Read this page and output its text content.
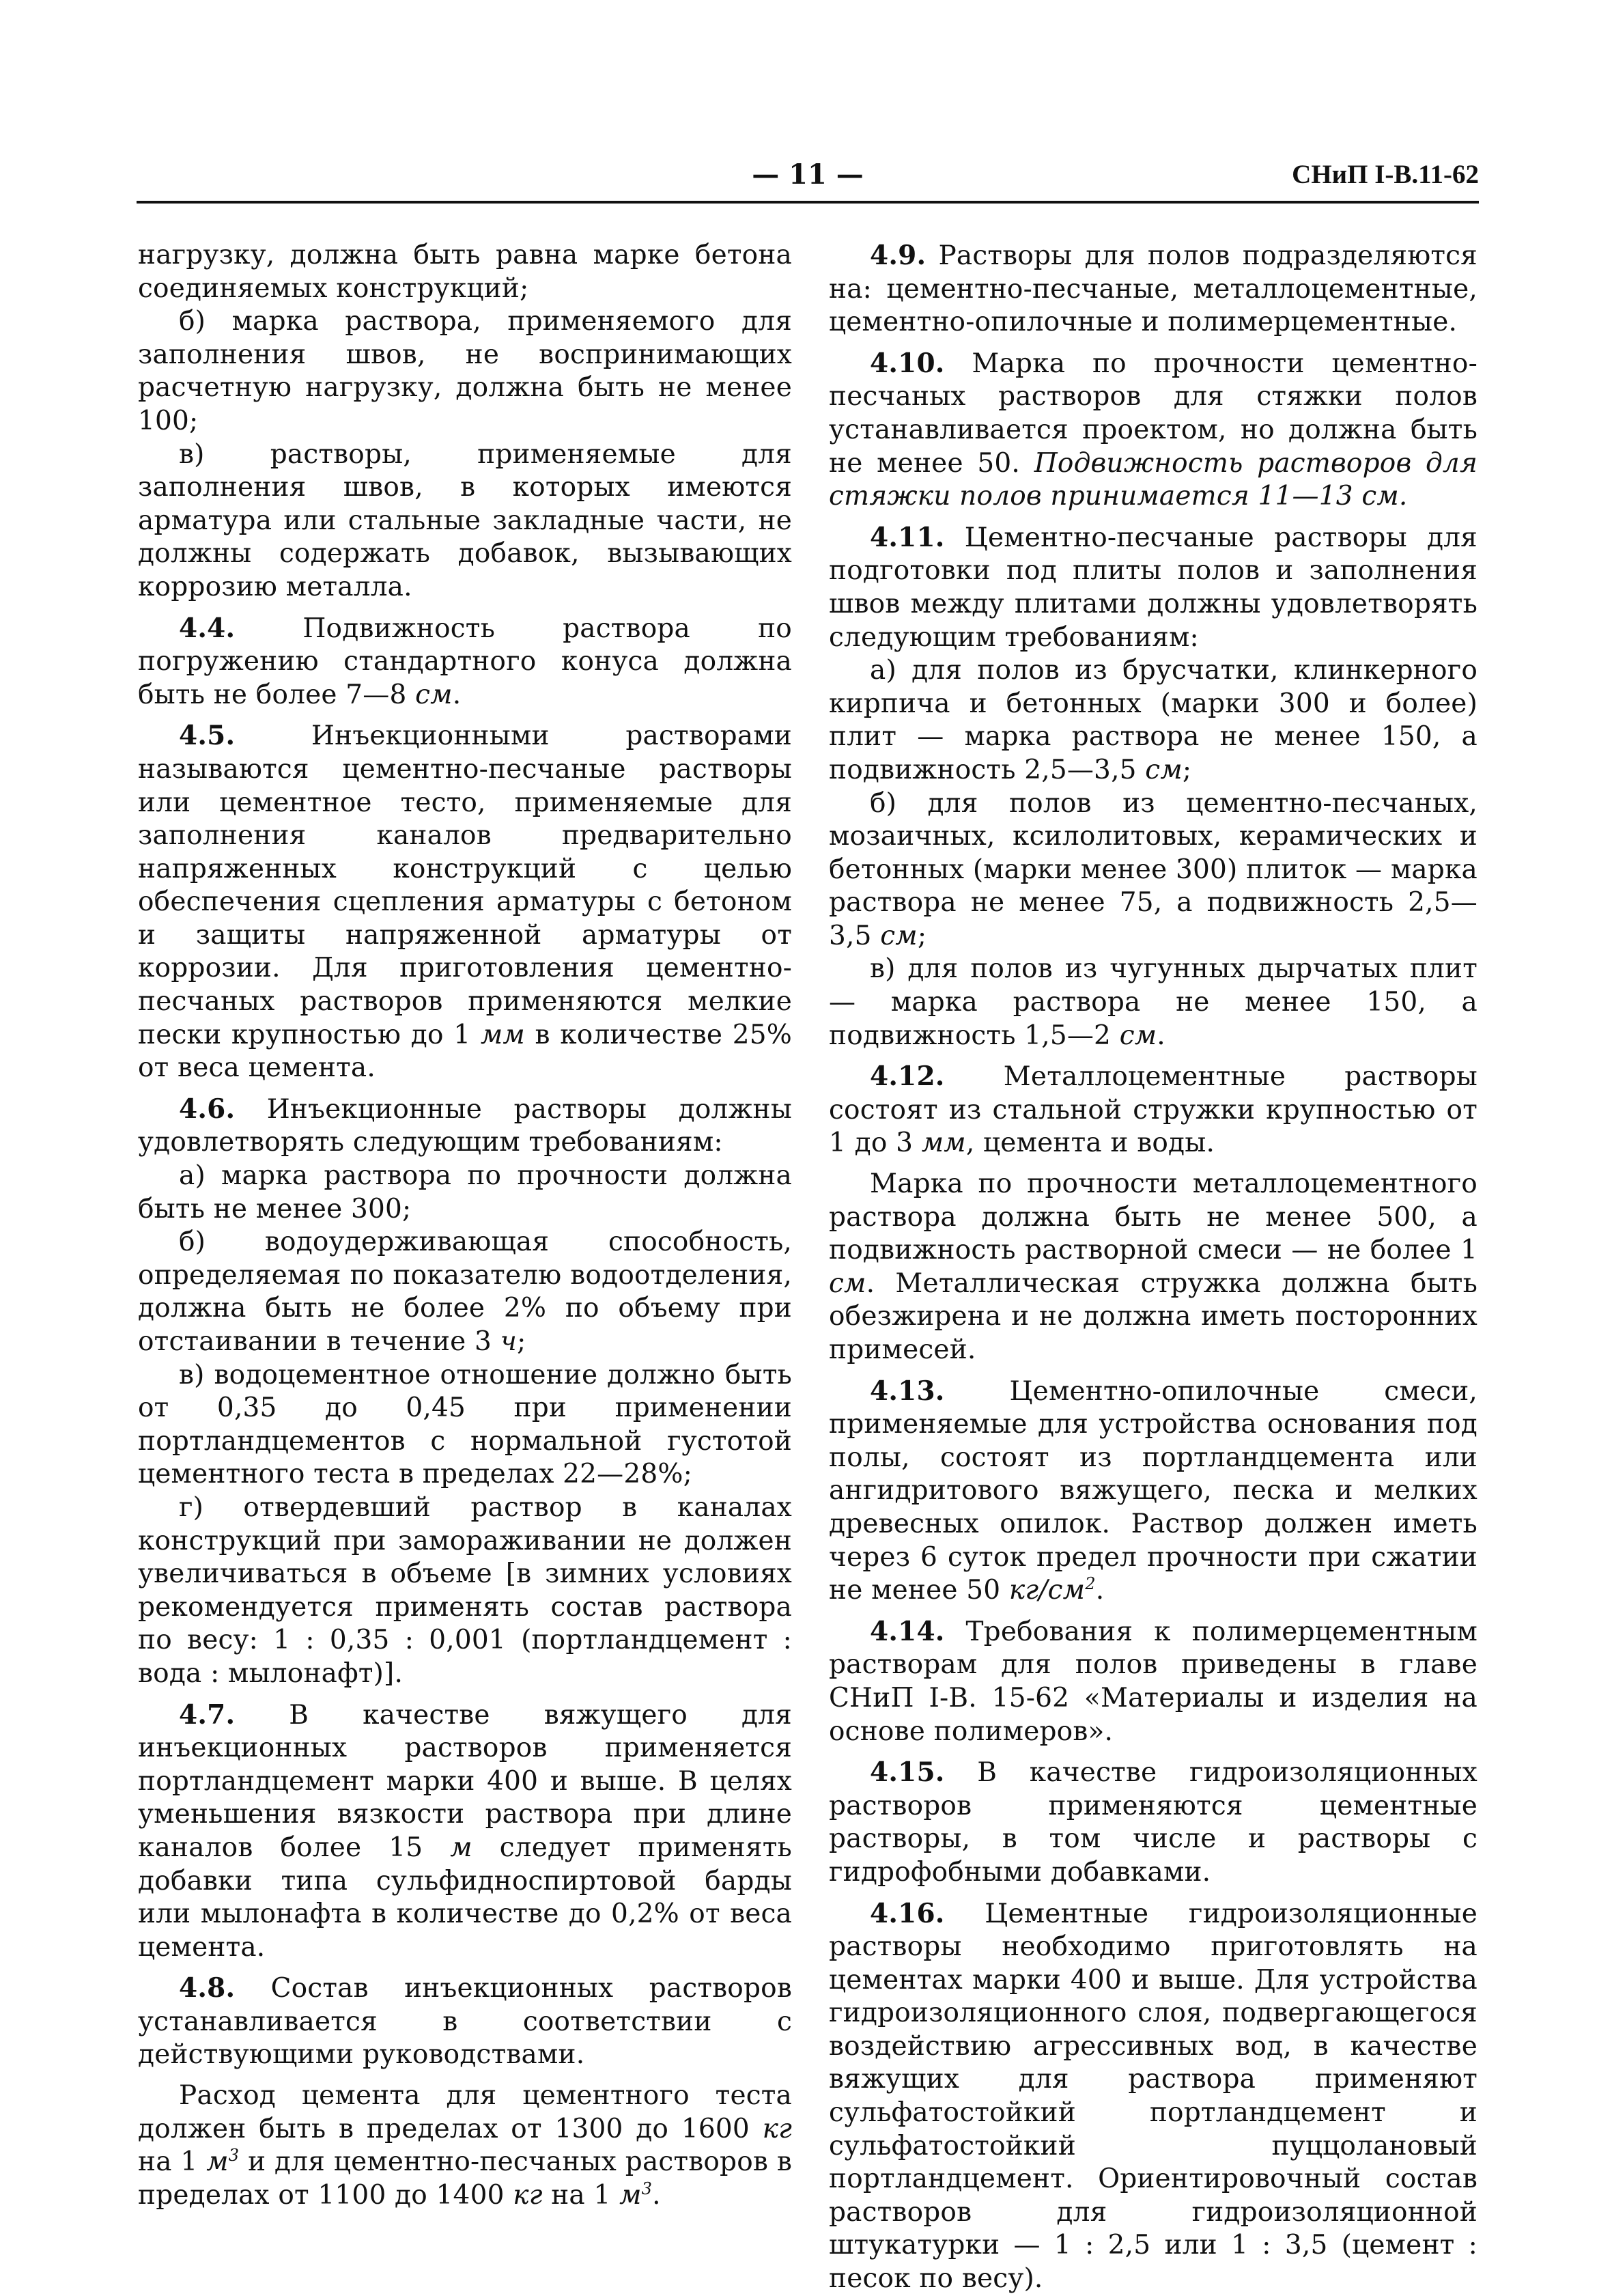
— 11 —	СНиП I-В.11-62

нагрузку, должна быть равна марке бетона соединяемых конструкций;

б) марка раствора, применяемого для заполнения швов, не воспринимающих расчетную нагрузку, должна быть не менее 100;

в) растворы, применяемые для заполнения швов, в которых имеются арматура или стальные закладные части, не должны содержать добавок, вызывающих коррозию металла.

4.4.	Подвижность раствора по погружению стандартного конуса должна быть не более 7—8 см.

4.5.	Инъекционными растворами называются цементно-песчаные растворы или цементное тесто, применяемые для заполнения каналов предварительно напряженных конструкций с целью обеспечения сцепления арматуры с бетоном и защиты напряженной арматуры от коррозии. Для приготовления цементно-песчаных растворов применяются мелкие пески крупностью до 1 мм в количестве 25% от веса цемента.

4.6. Инъекционные растворы должны удовлетворять следующим требованиям:

а) марка раствора по прочности должна быть не менее 300;

б) водоудерживающая способность, определяемая по показателю водоотделения, должна быть не более 2% по объему при отстаивании в течение 3 ч;

в) водоцементное отношение должно быть от 0,35 до 0,45 при применении портландцементов с нормальной густотой цементного теста в пределах 22—28%;

г) отвердевший раствор в каналах конструкций при замораживании не должен увеличиваться в объеме [в зимних условиях рекомендуется применять состав раствора по весу: 1 : 0,35 : 0,001 (портландцемент : вода : мылонафт)].

4.7. В качестве вяжущего для инъекционных растворов применяется портландцемент марки 400 и выше. В целях уменьшения вязкости раствора при длине каналов более 15 м следует применять добавки типа сульфидноспиртовой барды или мылонафта в количестве до 0,2% от веса цемента.

4.8. Состав инъекционных растворов устанавливается в соответствии с действующими руководствами.

Расход цемента для цементного теста должен быть в пределах от 1300 до 1600 кг на 1 $м^3$ и для цементно-песчаных растворов в пределах от 1100 до 1400 кг на 1 $м^3$.

4.9. Растворы для полов подразделяются на: цементно-песчаные, металлоцементные, цементно-опилочные и полимерцементные.

4.10. Марка по прочности цементно-песчаных растворов для стяжки полов устанавливается проектом, но должна быть не менее 50. Подвижность растворов для стяжки полов принимается 11—13 см.

4.11. Цементно-песчаные растворы для подготовки под плиты полов и заполнения швов между плитами должны удовлетворять следующим требованиям:

а) для полов из брусчатки, клинкерного кирпича и бетонных (марки 300 и более) плит — марка раствора не менее 150, а подвижность 2,5—3,5 см;

б) для полов из цементно-песчаных, мозаичных, ксилолитовых, керамических и бетонных (марки менее 300) плиток — марка раствора не менее 75, а подвижность 2,5—3,5 см;

в) для полов из чугунных дырчатых плит— марка раствора не менее 150, а подвижность 1,5—2 см.

4.12. Металлоцементные растворы состоят из стальной стружки крупностью от 1 до 3 мм, цемента и воды.

Марка по прочности металлоцементного раствора должна быть не менее 500, а подвижность растворной смеси — не более 1 см. Металлическая стружка должна быть обезжирена и не должна иметь посторонних примесей.

4.13. Цементно-опилочные смеси, применяемые для устройства основания под полы, состоят из портландцемента или ангидритового вяжущего, песка и мелких древесных опилок. Раствор должен иметь через 6 суток предел прочности при сжатии не менее 50 $кг/см^2$.

4.14. Требования к полимерцементным растворам для полов приведены в главе СНиП I-В. 15-62 «Материалы и изделия на основе полимеров».

4.15. В качестве гидроизоляционных растворов применяются цементные растворы, в том числе и растворы с гидрофобными добавками.

4.16. Цементные гидроизоляционные растворы необходимо приготовлять на цементах марки 400 и выше. Для устройства гидроизоляционного слоя, подвергающегося воздействию агрессивных вод, в качестве вяжущих для раствора применяют сульфатостойкий портландцемент и сульфатостойкий пуццолановый портландцемент. Ориентировочный состав растворов для гидроизоляционной штукатурки — 1 : 2,5 или 1 : 3,5 (цемент : песок по весу).
